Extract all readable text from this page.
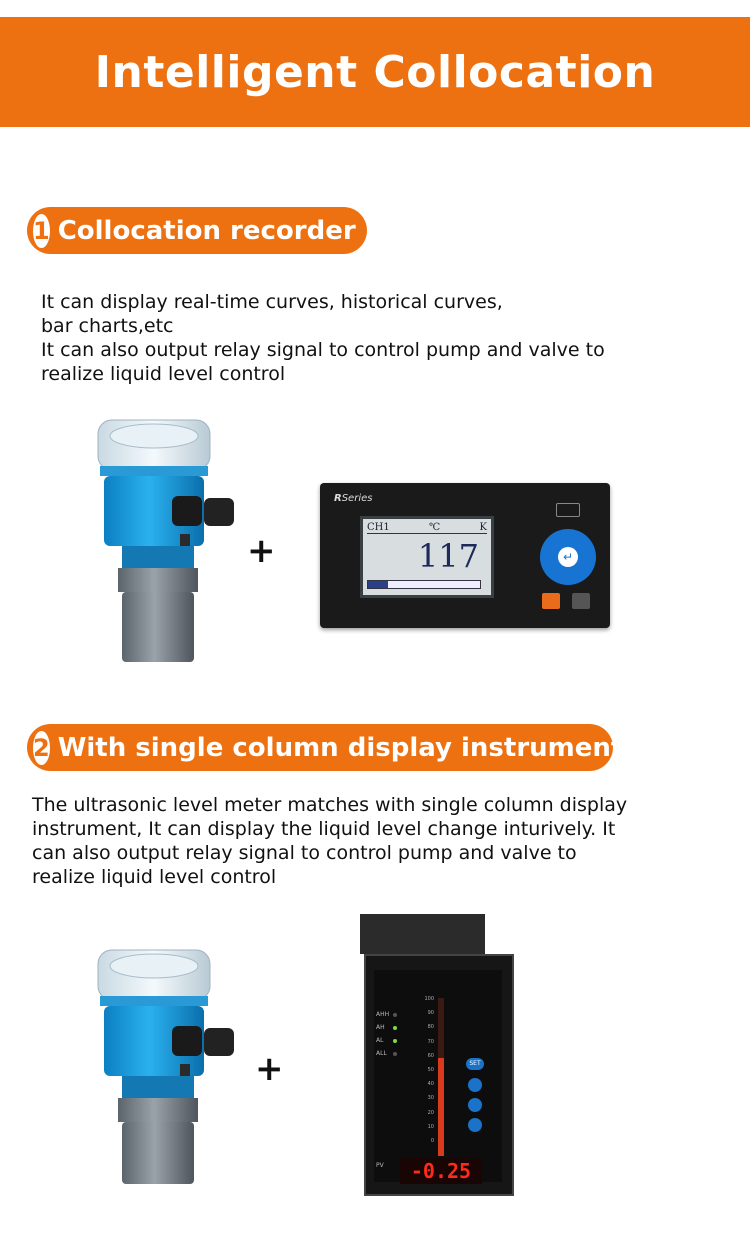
Intelligent Collocation
1 Collocation recorder
It can display real-time curves, historical curves,
bar charts,etc
It can also output relay signal to control pump and valve to
realize liquid level control
+
RSeries
CH1	℃	K
117	↵
2 With single column display instrument
The ultrasonic level meter matches with single column display
instrument, It can display the liquid level change inturively. It
can also output relay signal to control pump and valve to
realize liquid level control
+
AHH
AH
AL
ALL
100
90
80
70
60
50
40
30
20
10
0
SET
PV	-0.25
